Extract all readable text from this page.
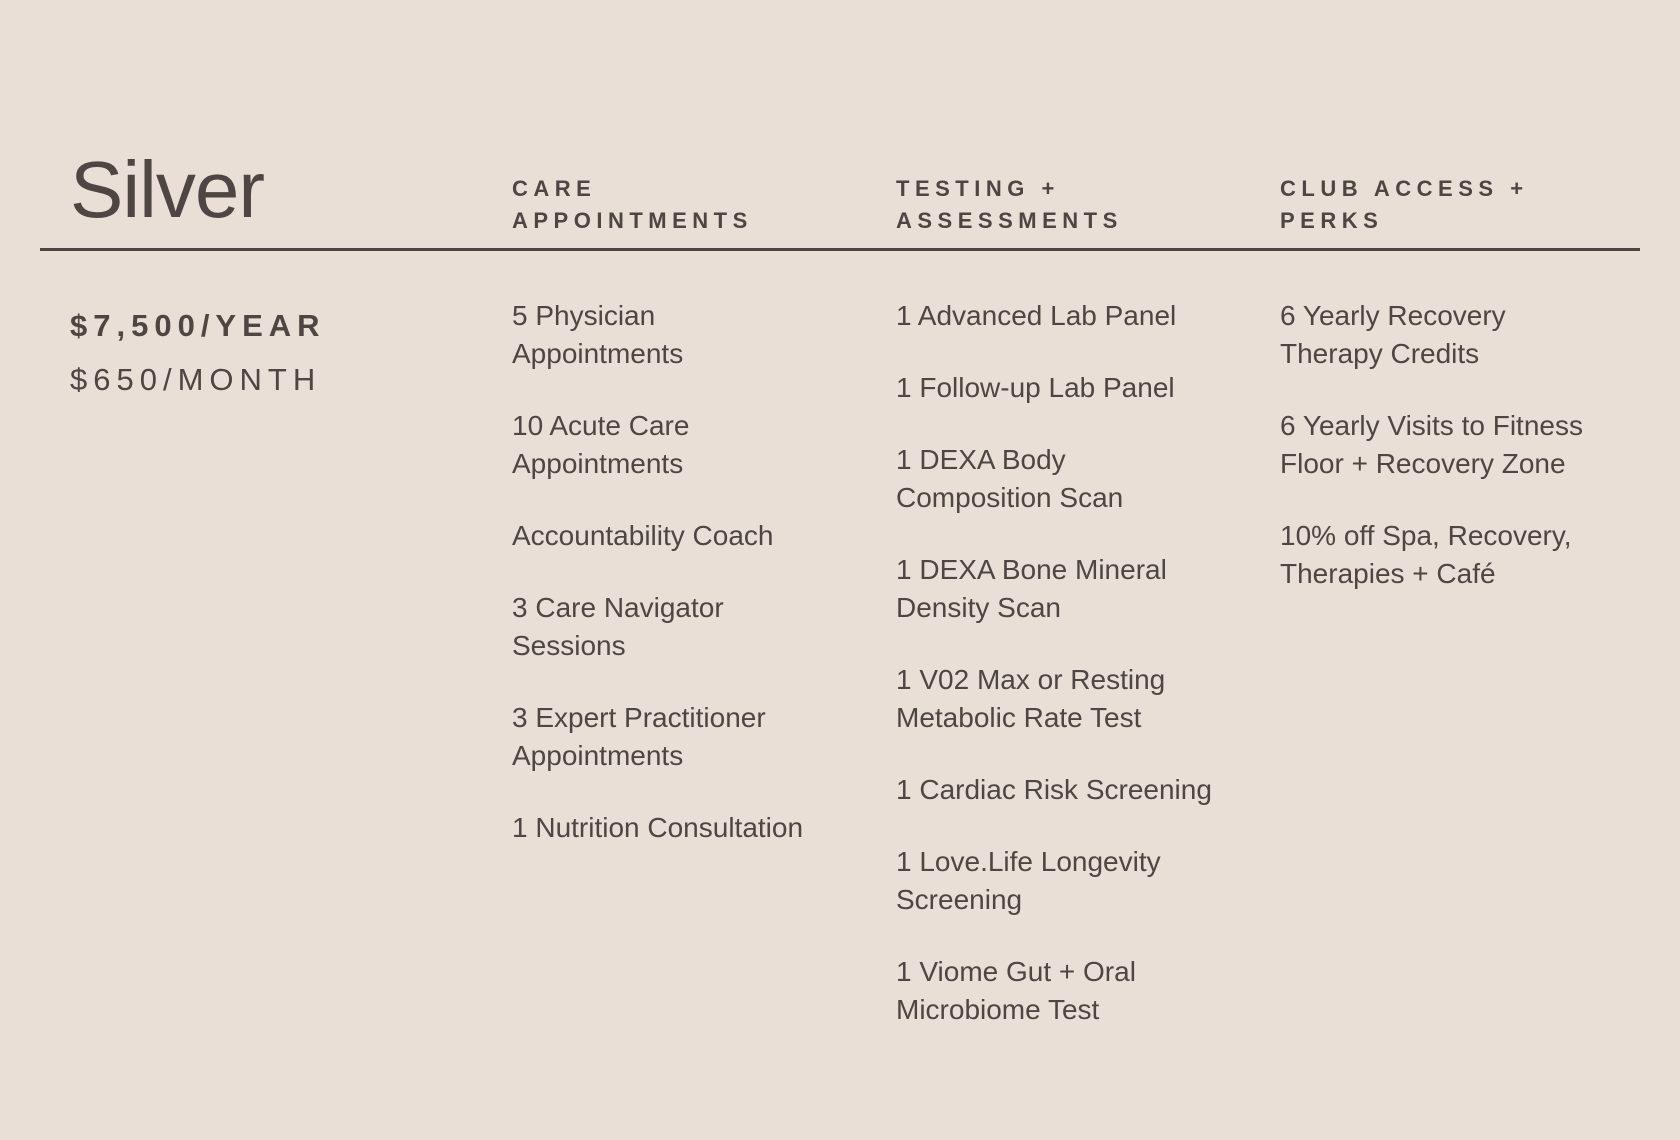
Silver	CARE
APPOINTMENTS
TESTING +
ASSESSMENTS
CLUB ACCESS +
PERKS

$7,500/YEAR

$650/MONTH

5 Physician
Appointments
10 Acute Care
Appointments
Accountability Coach
3 Care Navigator
Sessions
3 Expert Practitioner
Appointments
1 Nutrition Consultation
1 Advanced Lab Panel
1 Follow-up Lab Panel
1 DEXA Body
Composition Scan
1 DEXA Bone Mineral
Density Scan
1 V02 Max or Resting
Metabolic Rate Test
1 Cardiac Risk Screening
1 Love.Life Longevity
Screening
1 Viome Gut + Oral
Microbiome Test
6 Yearly Recovery
Therapy Credits
6 Yearly Visits to Fitness
Floor + Recovery Zone
10% off Spa, Recovery,
Therapies + Café
